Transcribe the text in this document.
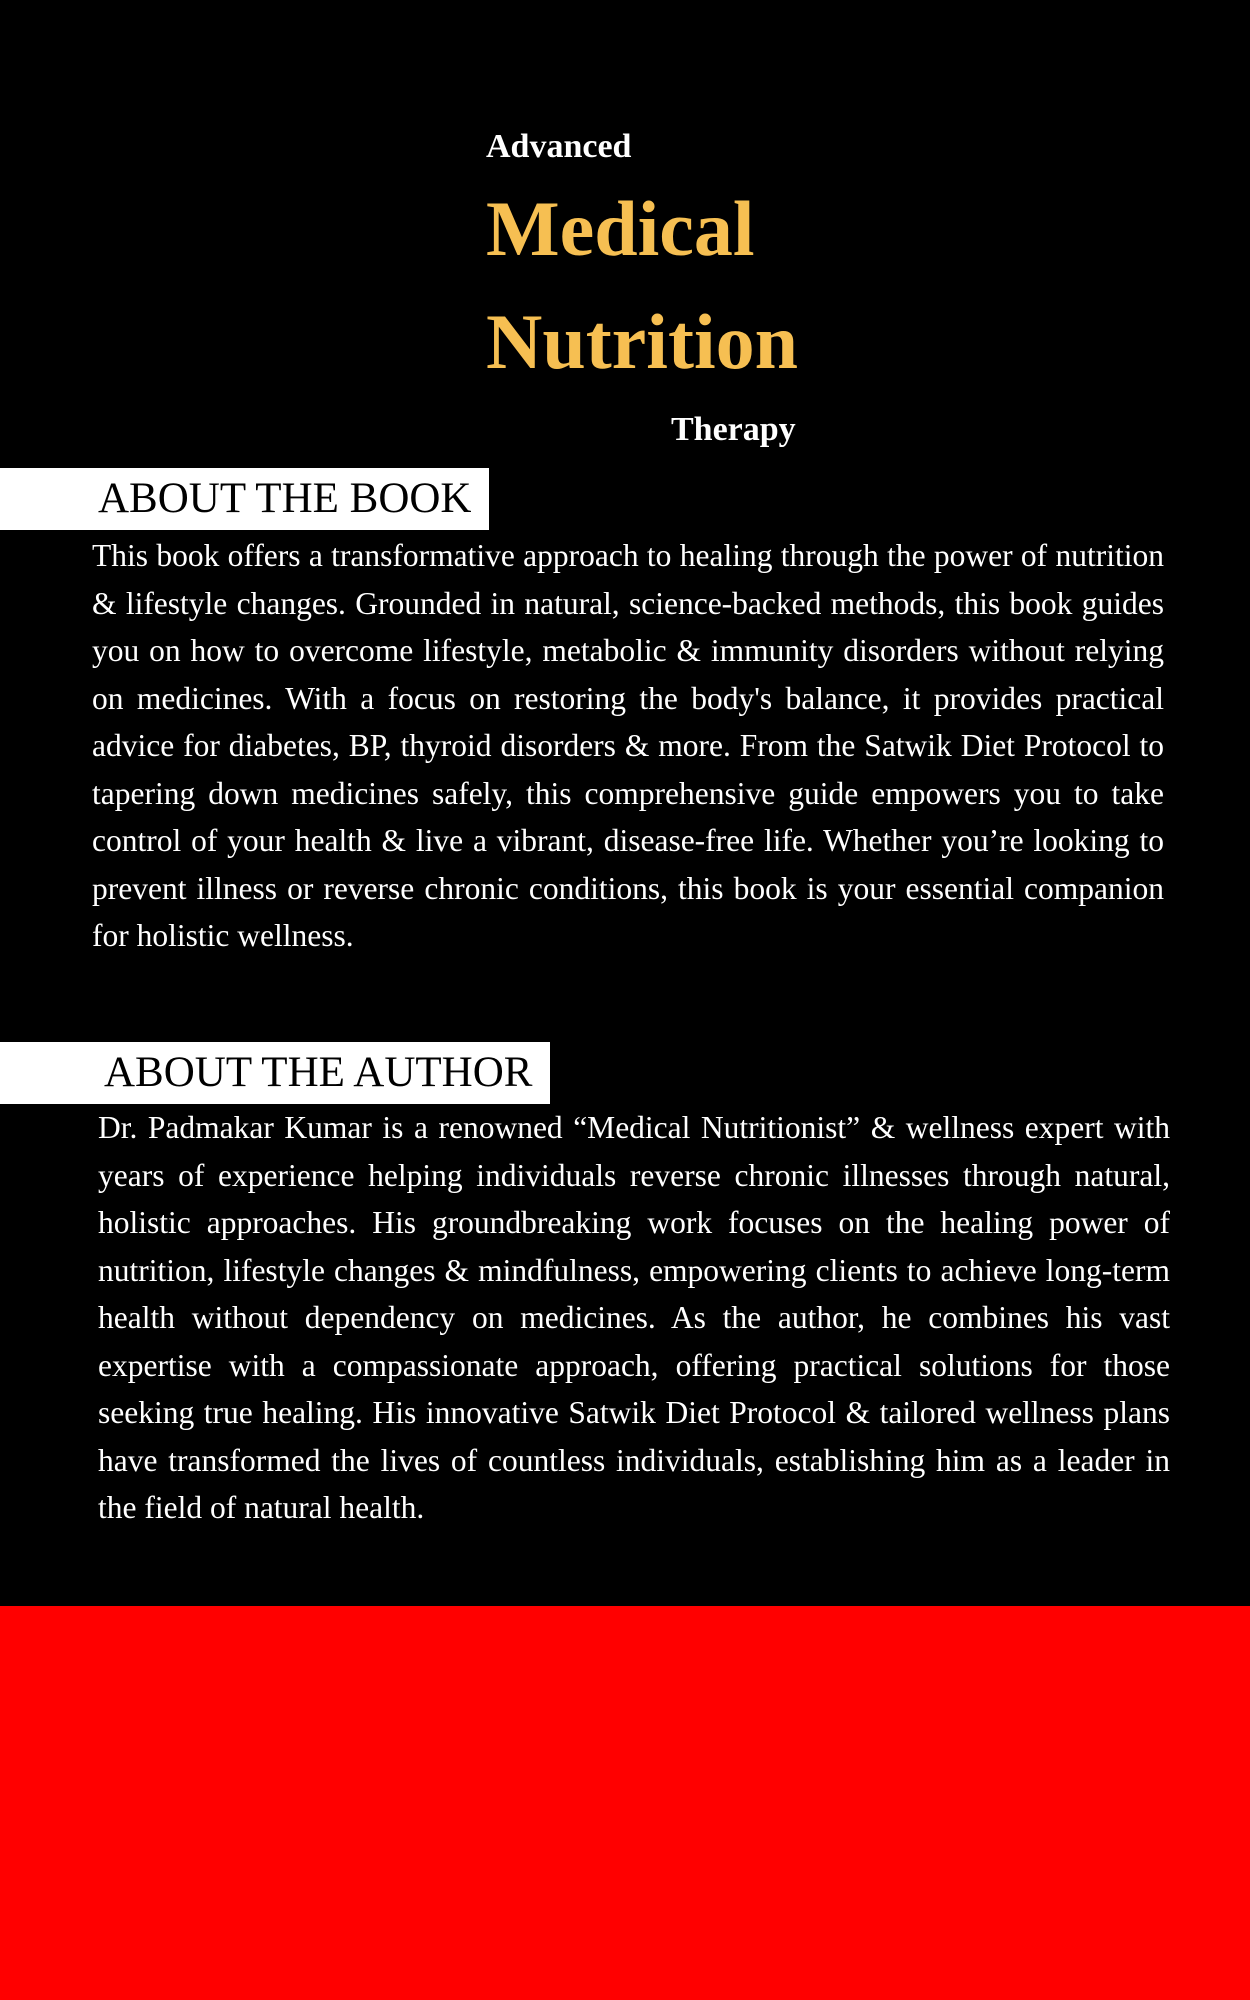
Advanced
Medical
Nutrition
Therapy
ABOUT THE BOOK

This book offers a transformative approach to healing through the power of nutrition & lifestyle changes. Grounded in natural, science-backed methods, this book guides you on how to overcome lifestyle, metabolic & immunity disorders without relying on medicines. With a focus on restoring the body's balance, it provides practical advice for diabetes, BP, thyroid disorders & more. From the Satwik Diet Protocol to tapering down medicines safely, this comprehensive guide empowers you to take control of your health & live a vibrant, disease-free life. Whether you’re looking to prevent illness or reverse chronic conditions, this book is your essential companion for holistic wellness.

ABOUT THE AUTHOR

Dr. Padmakar Kumar is a renowned “Medical Nutritionist” & wellness expert with years of experience helping individuals reverse chronic illnesses through natural, holistic approaches. His groundbreaking work focuses on the healing power of nutrition, lifestyle changes & mindfulness, empowering clients to achieve long-term health without dependency on medicines. As the author, he combines his vast expertise with a compassionate approach, offering practical solutions for those seeking true healing. His innovative Satwik Diet Protocol & tailored wellness plans have transformed the lives of countless individuals, establishing him as a leader in the field of natural health.
